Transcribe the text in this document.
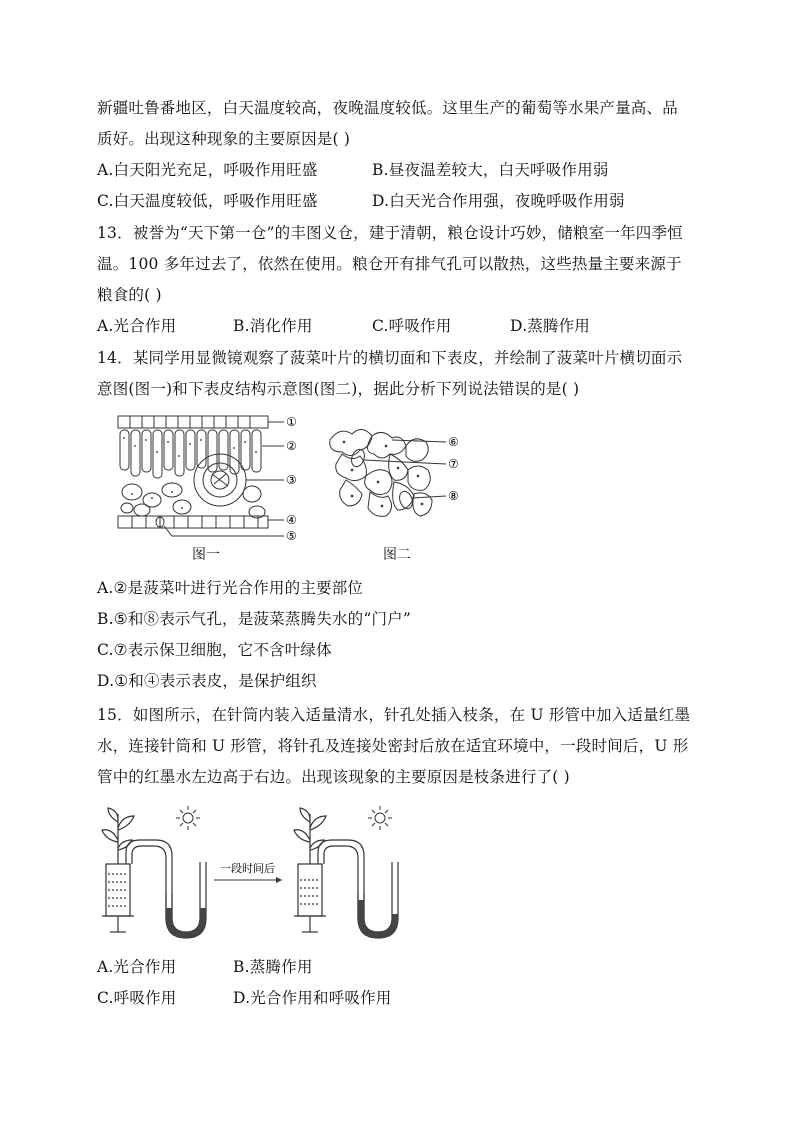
新疆吐鲁番地区，白天温度较高，夜晚温度较低。这里生产的葡萄等水果产量高、品
质好。出现这种现象的主要原因是( )
A.白天阳光充足，呼吸作用旺盛	B.昼夜温差较大，白天呼吸作用弱
C.白天温度较低，呼吸作用旺盛	D.白天光合作用强，夜晚呼吸作用弱
13．被誉为“天下第一仓”的丰图义仓，建于清朝，粮仓设计巧妙，储粮室一年四季恒
温。100 多年过去了，依然在使用。粮仓开有排气孔可以散热，这些热量主要来源于
粮食的( )
A.光合作用	B.消化作用	C.呼吸作用	D.蒸腾作用
14．某同学用显微镜观察了菠菜叶片的横切面和下表皮，并绘制了菠菜叶片横切面示
意图(图一)和下表皮结构示意图(图二)，据此分析下列说法错误的是( )
①
②
③
④
⑤
图一
⑥
⑦
⑧
图二
A.②是菠菜叶进行光合作用的主要部位
B.⑤和⑧表示气孔，是菠菜蒸腾失水的“门户”
C.⑦表示保卫细胞，它不含叶绿体
D.①和④表示表皮，是保护组织
15．如图所示，在针筒内装入适量清水，针孔处插入枝条，在 U 形管中加入适量红墨
水，连接针筒和 U 形管，将针孔及连接处密封后放在适宜环境中，一段时间后，U 形
管中的红墨水左边高于右边。出现该现象的主要原因是枝条进行了( )
一段时间后
A.光合作用	B.蒸腾作用
C.呼吸作用	D.光合作用和呼吸作用
